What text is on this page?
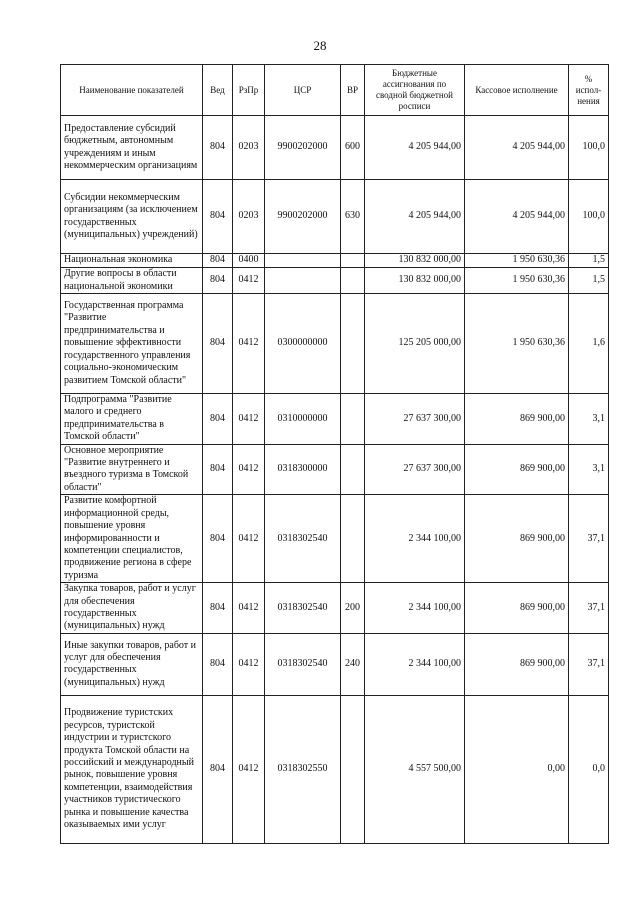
28
Наименование показателей	Вед	РзПр	ЦСР	ВР	Бюджетные ассигнования по сводной бюджетной росписи	Кассовое исполнение	% испол-нения
Предоставление субсидий бюджетным, автономным учреждениям и иным некоммерческим организациям	804	0203	9900202000	600	4 205 944,00	4 205 944,00	100,0
Субсидии некоммерческим организациям (за исключением государственных (муниципальных) учреждений)	804	0203	9900202000	630	4 205 944,00	4 205 944,00	100,0
Национальная экономика	804	0400			130 832 000,00	1 950 630,36	1,5
Другие вопросы в области национальной экономики	804	0412			130 832 000,00	1 950 630,36	1,5
Государственная программа "Развитие предпринимательства и повышение эффективности государственного управления социально-экономическим развитием Томской области"	804	0412	0300000000		125 205 000,00	1 950 630,36	1,6
Подпрограмма "Развитие малого и среднего предпринимательства в Томской области"	804	0412	0310000000		27 637 300,00	869 900,00	3,1
Основное мероприятие "Развитие внутреннего и въездного туризма в Томской области"	804	0412	0318300000		27 637 300,00	869 900,00	3,1
Развитие комфортной информационной среды, повышение уровня информированности и компетенции специалистов, продвижение региона в сфере туризма	804	0412	0318302540		2 344 100,00	869 900,00	37,1
Закупка товаров, работ и услуг для обеспечения государственных (муниципальных) нужд	804	0412	0318302540	200	2 344 100,00	869 900,00	37,1
Иные закупки товаров, работ и услуг для обеспечения государственных (муниципальных) нужд	804	0412	0318302540	240	2 344 100,00	869 900,00	37,1
Продвижение туристских ресурсов, туристской индустрии и туристского продукта Томской области на российский и международный рынок, повышение уровня компетенции, взаимодействия участников туристического рынка и повышение качества оказываемых ими услуг	804	0412	0318302550		4 557 500,00	0,00	0,0
